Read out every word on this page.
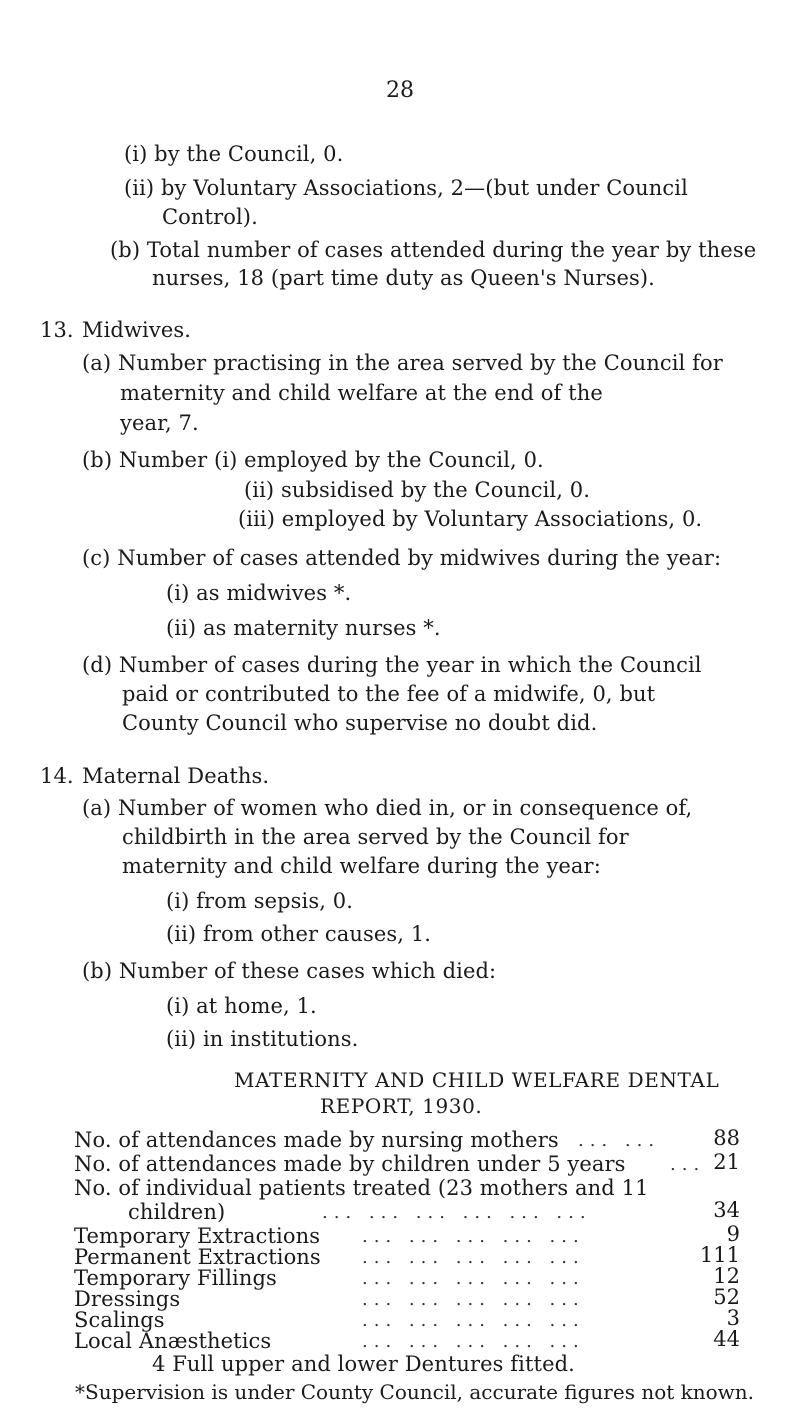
28
(i) by the Council, 0.
(ii) by Voluntary Associations, 2—(but under Council
Control).
(b) Total number of cases attended during the year by these
nurses, 18 (part time duty as Queen's Nurses).
13. Midwives.
(a) Number practising in the area served by the Council for
maternity and child welfare at the end of the
year, 7.
(b) Number (i) employed by the Council, 0.
(ii) subsidised by the Council, 0.
(iii) employed by Voluntary Associations, 0.
(c) Number of cases attended by midwives during the year:
(i) as midwives *.
(ii) as maternity nurses *.
(d) Number of cases during the year in which the Council
paid or contributed to the fee of a midwife, 0, but
County Council who supervise no doubt did.
14. Maternal Deaths.
(a) Number of women who died in, or in consequence of,
childbirth in the area served by the Council for
maternity and child welfare during the year:
(i) from sepsis, 0.
(ii) from other causes, 1.
(b) Number of these cases which died:
(i) at home, 1.
(ii) in institutions.
MATERNITY AND CHILD WELFARE DENTAL
REPORT, 1930.
No. of attendances made by nursing mothers ... ...	88
No. of attendances made by children under 5 years ... 21
No. of individual patients treated (23 mothers and 11
children)	... ... ... ... ... ...	34
Temporary Extractions ... ... ... ... ...	9
Permanent Extractions ... ... ... ... ...	111
Temporary Fillings	... ... ... ... ...	12
Dressings	... ... ... ... ...	52
Scalings	... ... ... ... ...	3
Local Anæsthetics	... ... ... ... ...	44
*Supervision is under County Council, accurate figures not known.
4 Full upper and lower Dentures fitted.
